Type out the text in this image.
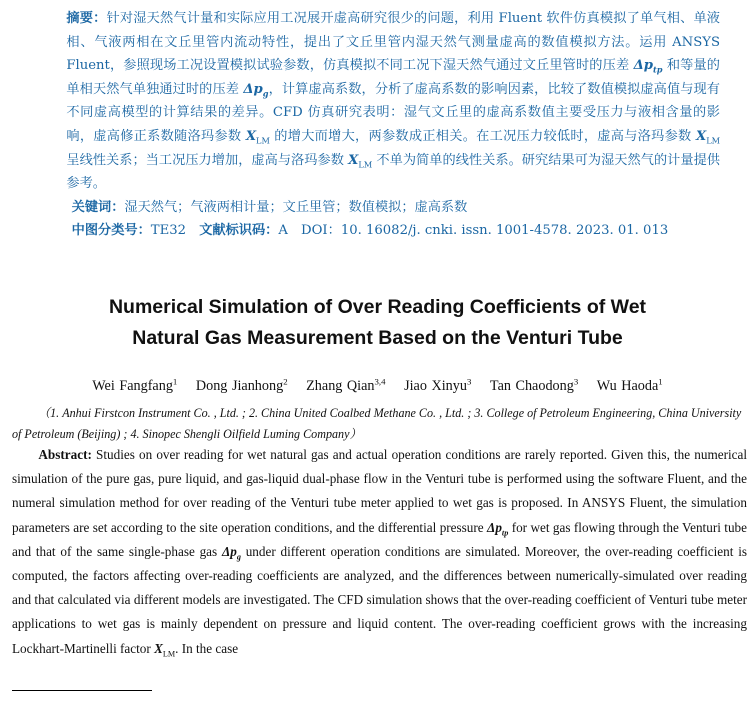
摘要：针对湿天然气计量和实际应用工况展开虚高研究很少的问题，利用 Fluent 软件仿真模拟了单气相、单液相、气液两相在文丘里管内流动特性，提出了文丘里管内湿天然气测量虚高的数值模拟方法。运用 ANSYS Fluent，参照现场工况设置模拟试验参数，仿真模拟不同工况下湿天然气通过文丘里管时的压差 $\Delta p_{tp}$ 和等量的单相天然气单独通过时的压差 $\Delta p_g$，计算虚高系数，分析了虚高系数的影响因素，比较了数值模拟虚高值与现有不同虚高模型的计算结果的差异。CFD 仿真研究表明：湿气文丘里的虚高系数值主要受压力与液相含量的影响，虚高修正系数随洛玛参数 $X_{LM}$ 的增大而增大，两参数成正相关。在工况压力较低时，虚高与洛玛参数 $X_{LM}$ 呈线性关系；当工况压力增加，虚高与洛玛参数 $X_{LM}$ 不单为简单的线性关系。研究结果可为湿天然气的计量提供参考。

关键词：湿天然气；气液两相计量；文丘里管；数值模拟；虚高系数

中图分类号：TE32 文献标识码：A DOI：10. 16082/j. cnki. issn. 1001-4578. 2023. 01. 013

Numerical Simulation of Over Reading Coefficients of Wet
Natural Gas Measurement Based on the Venturi Tube
Wei Fangfang$^1$ Dong Jianhong$^2$ Zhang Qian$^{3,4}$ Jiao Xinyu$^3$ Tan Chaodong$^3$ Wu Haoda$^1$
（1. Anhui Firstcon Instrument Co. , Ltd. ; 2. China United Coalbed Methane Co. , Ltd. ; 3. College of Petroleum Engineering, China University of Petroleum (Beijing) ; 4. Sinopec Shengli Oilfield Luming Company）
Abstract: Studies on over reading for wet natural gas and actual operation conditions are rarely reported. Given this, the numerical simulation of the pure gas, pure liquid, and gas-liquid dual-phase flow in the Venturi tube is performed using the software Fluent, and the numeral simulation method for over reading of the Venturi tube meter applied to wet gas is proposed. In ANSYS Fluent, the simulation parameters are set according to the site operation conditions, and the differential pressure $\Delta p_{tp}$ for wet gas flowing through the Venturi tube and that of the same single-phase gas $\Delta p_g$ under different operation conditions are simulated. Moreover, the over-reading coefficient is computed, the factors affecting over-reading coefficients are analyzed, and the differences between numerically-simulated over reading and that calculated via different models are investigated. The CFD simulation shows that the over-reading coefficient of Venturi tube meter applications to wet gas is mainly dependent on pressure and liquid content. The over-reading coefficient grows with the increasing Lockhart-Martinelli factor $X_{LM}$. In the case
